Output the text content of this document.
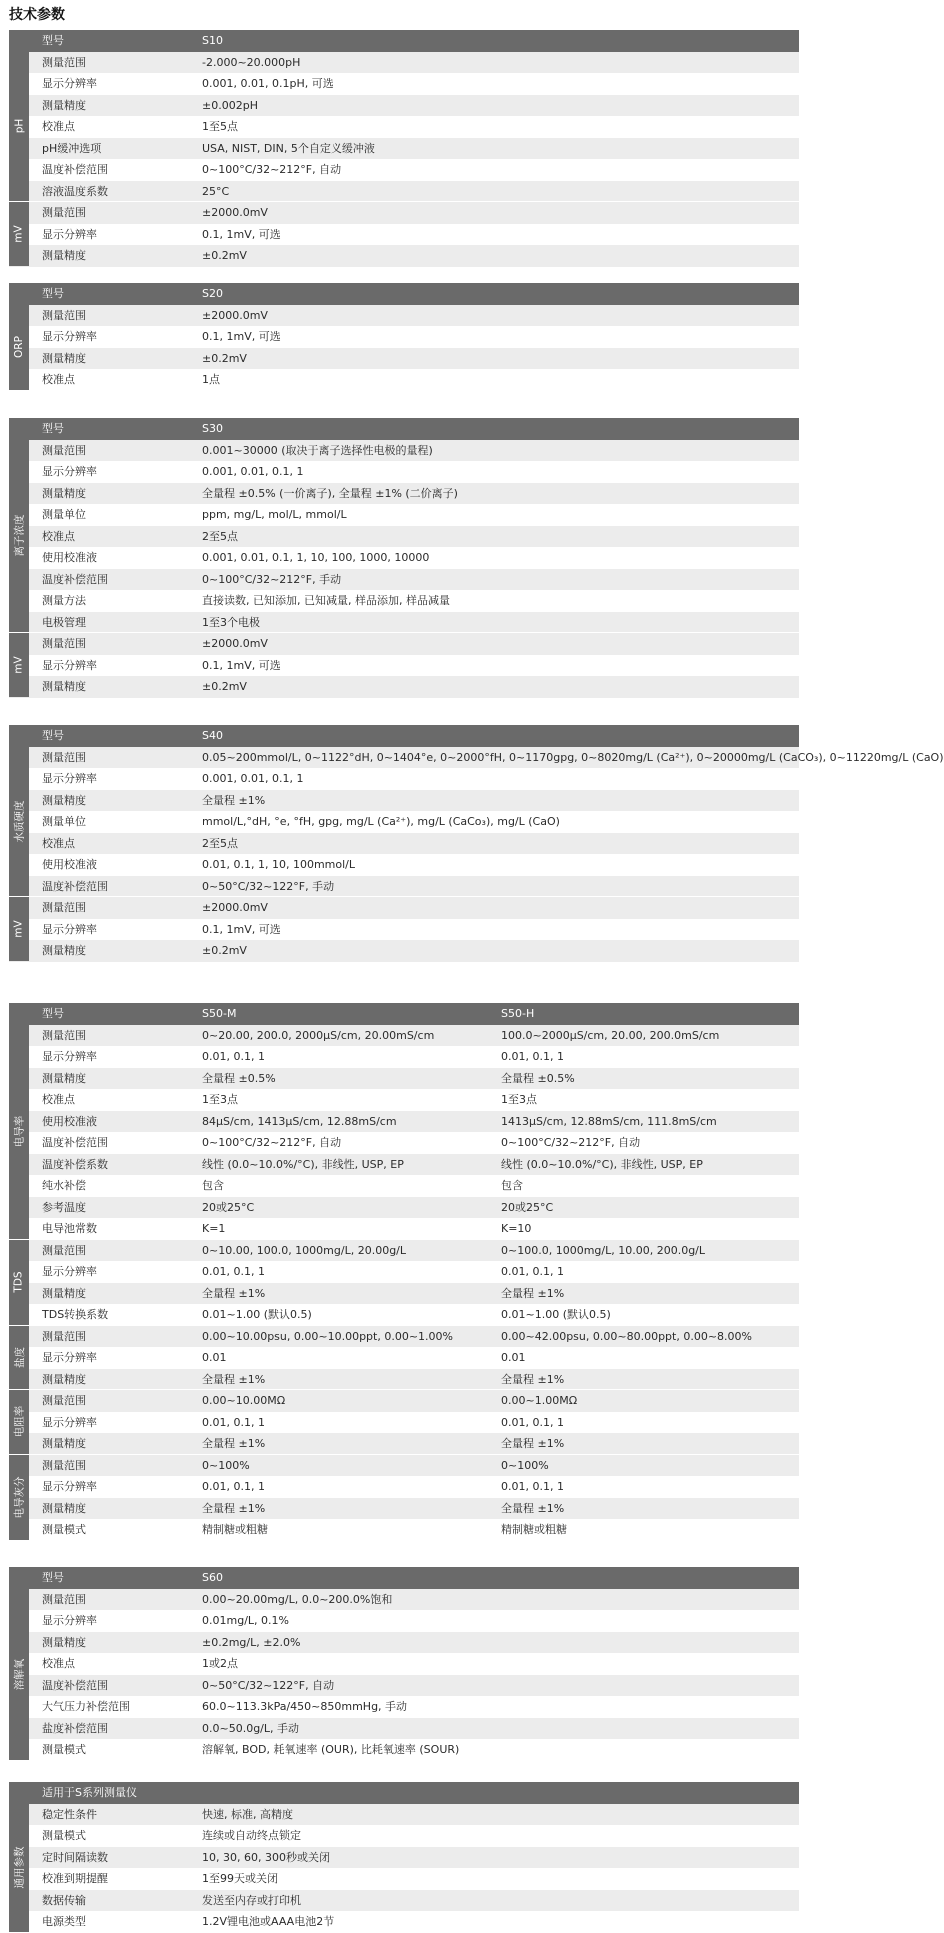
技术参数
型号	S10
测量范围	-2.000~20.000pH
显示分辨率	0.001, 0.01, 0.1pH, 可选
测量精度	±0.002pH
校准点	1至5点
pH缓冲选项	USA, NIST, DIN, 5个自定义缓冲液
温度补偿范围	0~100°C/32~212°F, 自动
溶液温度系数	25°C
pH
测量范围	±2000.0mV
显示分辨率	0.1, 1mV, 可选
测量精度	±0.2mV
mV
型号	S20
测量范围	±2000.0mV
显示分辨率	0.1, 1mV, 可选
测量精度	±0.2mV
校准点	1点
ORP
型号	S30
测量范围	0.001~30000 (取决于离子选择性电极的量程)
显示分辨率	0.001, 0.01, 0.1, 1
测量精度	全量程 ±0.5% (一价离子), 全量程 ±1% (二价离子)
测量单位	ppm, mg/L, mol/L, mmol/L
校准点	2至5点
使用校准液	0.001, 0.01, 0.1, 1, 10, 100, 1000, 10000
温度补偿范围	0~100°C/32~212°F, 手动
测量方法	直接读数, 已知添加, 已知减量, 样品添加, 样品减量
电极管理	1至3个电极
离子浓度
测量范围	±2000.0mV
显示分辨率	0.1, 1mV, 可选
测量精度	±0.2mV
mV
型号	S40
测量范围	0.05~200mmol/L, 0~1122°dH, 0~1404°e, 0~2000°fH, 0~1170gpg, 0~8020mg/L (Ca²⁺), 0~20000mg/L (CaCO₃), 0~11220mg/L (CaO)
显示分辨率	0.001, 0.01, 0.1, 1
测量精度	全量程 ±1%
测量单位	mmol/L,°dH, °e, °fH, gpg, mg/L (Ca²⁺), mg/L (CaCo₃), mg/L (CaO)
校准点	2至5点
使用校准液	0.01, 0.1, 1, 10, 100mmol/L
温度补偿范围	0~50°C/32~122°F, 手动
水质硬度
测量范围	±2000.0mV
显示分辨率	0.1, 1mV, 可选
测量精度	±0.2mV
mV
型号	S50-M	S50-H
测量范围	0~20.00, 200.0, 2000μS/cm, 20.00mS/cm	100.0~2000μS/cm, 20.00, 200.0mS/cm
显示分辨率	0.01, 0.1, 1	0.01, 0.1, 1
测量精度	全量程 ±0.5%	全量程 ±0.5%
校准点	1至3点	1至3点
使用校准液	84μS/cm, 1413μS/cm, 12.88mS/cm	1413μS/cm, 12.88mS/cm, 111.8mS/cm
温度补偿范围	0~100°C/32~212°F, 自动	0~100°C/32~212°F, 自动
温度补偿系数	线性 (0.0~10.0%/°C), 非线性, USP, EP	线性 (0.0~10.0%/°C), 非线性, USP, EP
纯水补偿	包含	包含
参考温度	20或25°C	20或25°C
电导池常数	K=1	K=10
电导率
测量范围	0~10.00, 100.0, 1000mg/L, 20.00g/L	0~100.0, 1000mg/L, 10.00, 200.0g/L
显示分辨率	0.01, 0.1, 1	0.01, 0.1, 1
测量精度	全量程 ±1%	全量程 ±1%
TDS转换系数	0.01~1.00 (默认0.5)	0.01~1.00 (默认0.5)
TDS
测量范围	0.00~10.00psu, 0.00~10.00ppt, 0.00~1.00%	0.00~42.00psu, 0.00~80.00ppt, 0.00~8.00%
显示分辨率	0.01	0.01
测量精度	全量程 ±1%	全量程 ±1%
盐度
测量范围	0.00~10.00MΩ	0.00~1.00MΩ
显示分辨率	0.01, 0.1, 1	0.01, 0.1, 1
测量精度	全量程 ±1%	全量程 ±1%
电阻率
测量范围	0~100%	0~100%
显示分辨率	0.01, 0.1, 1	0.01, 0.1, 1
测量精度	全量程 ±1%	全量程 ±1%
测量模式	精制糖或粗糖	精制糖或粗糖
电导灰分
型号	S60
测量范围	0.00~20.00mg/L, 0.0~200.0%饱和
显示分辨率	0.01mg/L, 0.1%
测量精度	±0.2mg/L, ±2.0%
校准点	1或2点
温度补偿范围	0~50°C/32~122°F, 自动
大气压力补偿范围	60.0~113.3kPa/450~850mmHg, 手动
盐度补偿范围	0.0~50.0g/L, 手动
测量模式	溶解氧, BOD, 耗氧速率 (OUR), 比耗氧速率 (SOUR)
溶解氧
适用于S系列测量仪
稳定性条件	快速, 标准, 高精度
测量模式	连续或自动终点锁定
定时间隔读数	10, 30, 60, 300秒或关闭
校准到期提醒	1至99天或关闭
数据传输	发送至内存或打印机
电源类型	1.2V锂电池或AAA电池2节
通用参数
